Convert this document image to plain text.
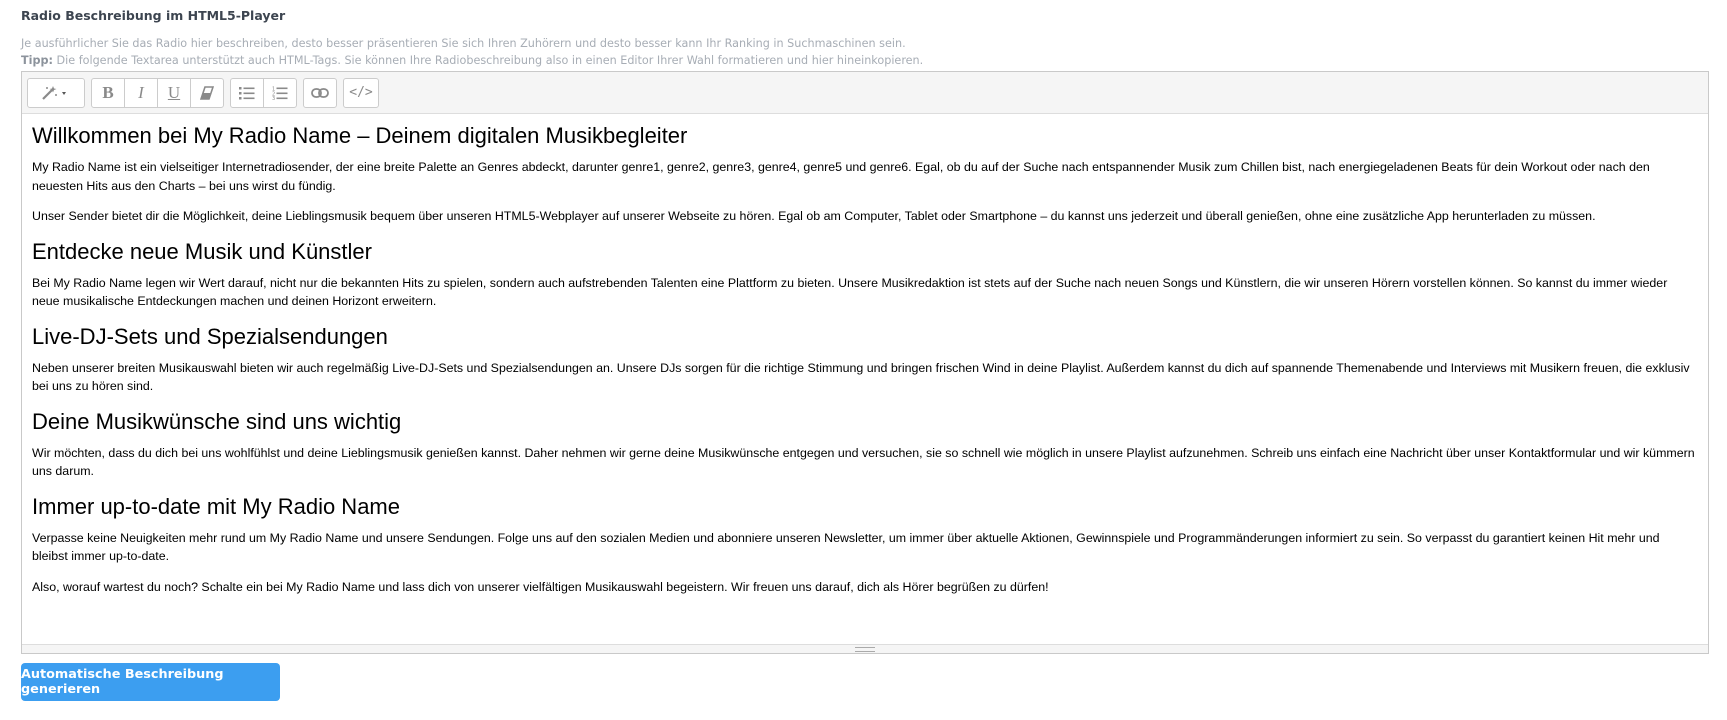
Radio Beschreibung im HTML5-Player
Je ausführlicher Sie das Radio hier beschreiben, desto besser präsentieren Sie sich Ihren Zuhörern und desto besser kann Ihr Ranking in Suchmaschinen sein.
Tipp: Die folgende Textarea unterstützt auch HTML-Tags. Sie können Ihre Radiobeschreibung also in einen Editor Ihrer Wahl formatieren und hier hineinkopieren.
B	I	U	1
2
3	</>
Willkommen bei My Radio Name – Deinem digitalen Musikbegleiter

My Radio Name ist ein vielseitiger Internetradiosender, der eine breite Palette an Genres abdeckt, darunter genre1, genre2, genre3, genre4, genre5 und genre6. Egal, ob du auf der Suche nach entspannender Musik zum Chillen bist, nach energiegeladenen Beats für dein Workout oder nach den neuesten Hits aus den Charts – bei uns wirst du fündig.

Unser Sender bietet dir die Möglichkeit, deine Lieblingsmusik bequem über unseren HTML5-Webplayer auf unserer Webseite zu hören. Egal ob am Computer, Tablet oder Smartphone – du kannst uns jederzeit und überall genießen, ohne eine zusätzliche App herunterladen zu müssen.

Entdecke neue Musik und Künstler

Bei My Radio Name legen wir Wert darauf, nicht nur die bekannten Hits zu spielen, sondern auch aufstrebenden Talenten eine Plattform zu bieten. Unsere Musikredaktion ist stets auf der Suche nach neuen Songs und Künstlern, die wir unseren Hörern vorstellen können. So kannst du immer wieder neue musikalische Entdeckungen machen und deinen Horizont erweitern.

Live-DJ-Sets und Spezialsendungen

Neben unserer breiten Musikauswahl bieten wir auch regelmäßig Live-DJ-Sets und Spezialsendungen an. Unsere DJs sorgen für die richtige Stimmung und bringen frischen Wind in deine Playlist. Außerdem kannst du dich auf spannende Themenabende und Interviews mit Musikern freuen, die exklusiv bei uns zu hören sind.

Deine Musikwünsche sind uns wichtig

Wir möchten, dass du dich bei uns wohlfühlst und deine Lieblingsmusik genießen kannst. Daher nehmen wir gerne deine Musikwünsche entgegen und versuchen, sie so schnell wie möglich in unsere Playlist aufzunehmen. Schreib uns einfach eine Nachricht über unser Kontaktformular und wir kümmern uns darum.

Immer up-to-date mit My Radio Name

Verpasse keine Neuigkeiten mehr rund um My Radio Name und unsere Sendungen. Folge uns auf den sozialen Medien und abonniere unseren Newsletter, um immer über aktuelle Aktionen, Gewinnspiele und Programmänderungen informiert zu sein. So verpasst du garantiert keinen Hit mehr und bleibst immer up-to-date.

Also, worauf wartest du noch? Schalte ein bei My Radio Name und lass dich von unserer vielfältigen Musikauswahl begeistern. Wir freuen uns darauf, dich als Hörer begrüßen zu dürfen!

Automatische Beschreibung generieren
